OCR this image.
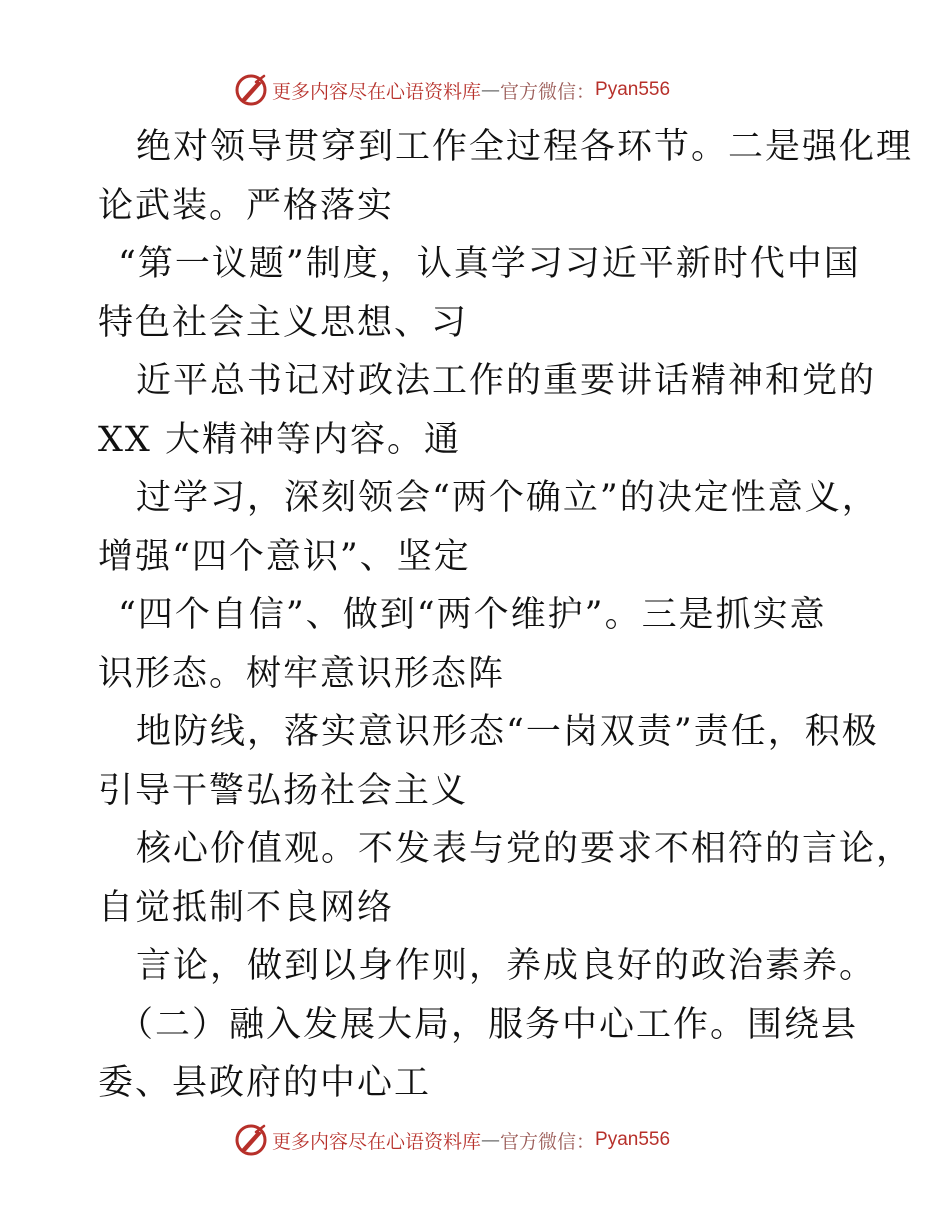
更多内容尽在心语资料库 — 官方微信： Pyan556
绝对领导贯穿到工作全过程各环节。二是强化理
论武装。严格落实
“第一议题”制度，认真学习习近平新时代中国
特色社会主义思想、习
近平总书记对政法工作的重要讲话精神和党的
XX 大精神等内容。通
过学习，深刻领会“两个确立”的决定性意义，
增强“四个意识”、坚定
“四个自信”、做到“两个维护”。三是抓实意
识形态。树牢意识形态阵
地防线，落实意识形态“一岗双责”责任，积极
引导干警弘扬社会主义
核心价值观。不发表与党的要求不相符的言论，
自觉抵制不良网络
言论，做到以身作则，养成良好的政治素养。
（二）融入发展大局，服务中心工作。围绕县
委、县政府的中心工
更多内容尽在心语资料库 — 官方微信： Pyan556
